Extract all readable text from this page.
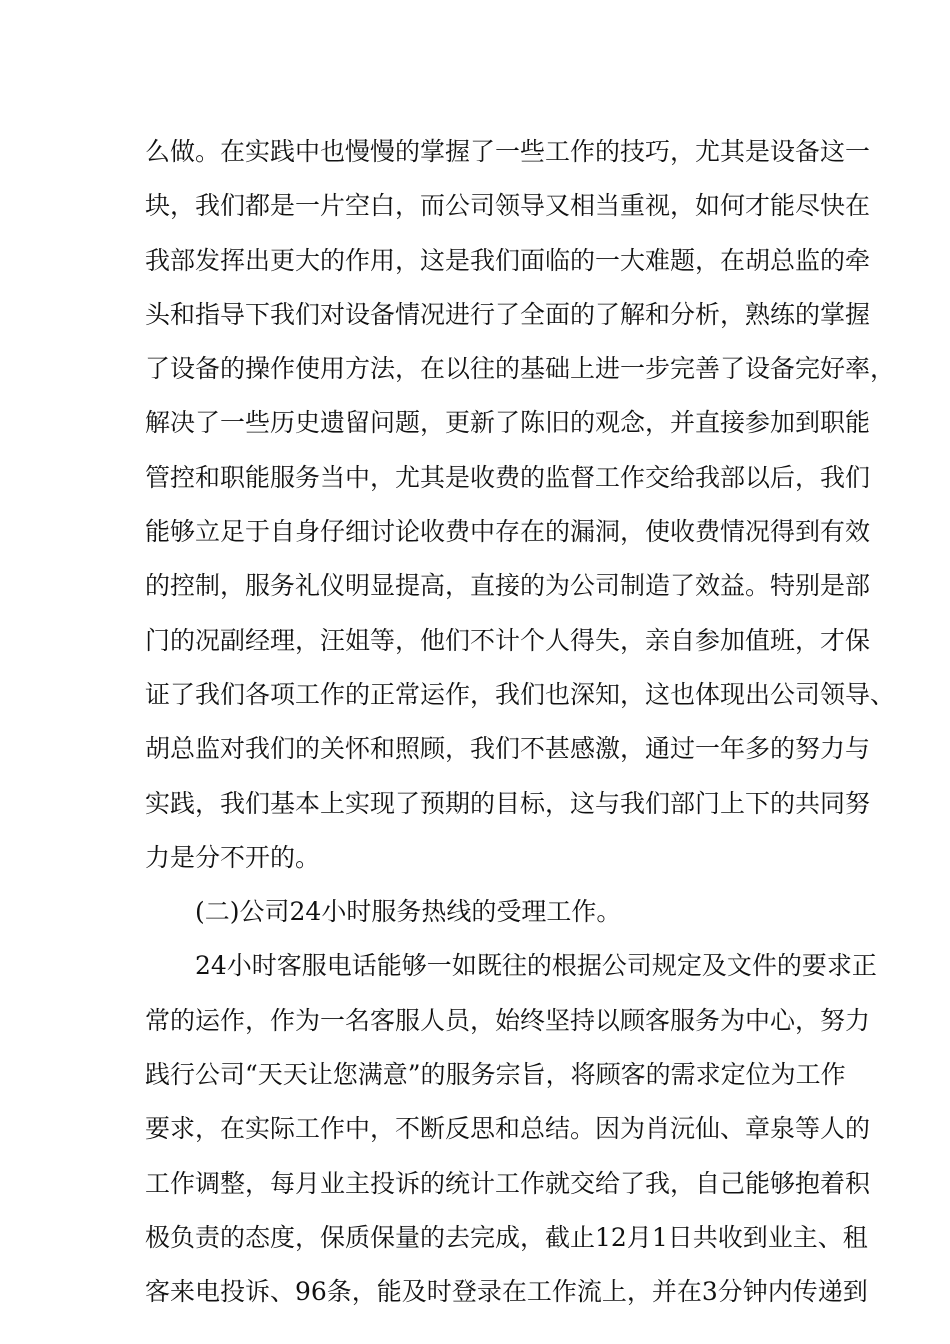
么做。在实践中也慢慢的掌握了一些工作的技巧，尤其是设备这一
块，我们都是一片空白，而公司领导又相当重视，如何才能尽快在
我部发挥出更大的作用，这是我们面临的一大难题，在胡总监的牵
头和指导下我们对设备情况进行了全面的了解和分析，熟练的掌握
了设备的操作使用方法，在以往的基础上进一步完善了设备完好率，
解决了一些历史遗留问题，更新了陈旧的观念，并直接参加到职能
管控和职能服务当中，尤其是收费的监督工作交给我部以后，我们
能够立足于自身仔细讨论收费中存在的漏洞，使收费情况得到有效
的控制，服务礼仪明显提高，直接的为公司制造了效益。特别是部
门的况副经理，汪姐等，他们不计个人得失，亲自参加值班，才保
证了我们各项工作的正常运作，我们也深知，这也体现出公司领导、
胡总监对我们的关怀和照顾，我们不甚感激，通过一年多的努力与
实践，我们基本上实现了预期的目标，这与我们部门上下的共同努
力是分不开的。
　　(二)公司24小时服务热线的受理工作。
　　24小时客服电话能够一如既往的根据公司规定及文件的要求正
常的运作，作为一名客服人员，始终坚持以顾客服务为中心，努力
践行公司“天天让您满意”的服务宗旨，将顾客的需求定位为工作
要求，在实际工作中，不断反思和总结。因为肖沅仙、章泉等人的
工作调整，每月业主投诉的统计工作就交给了我，自己能够抱着积
极负责的态度，保质保量的去完成，截止12月1日共收到业主、租
客来电投诉、96条，能及时登录在工作流上，并在3分钟内传递到
